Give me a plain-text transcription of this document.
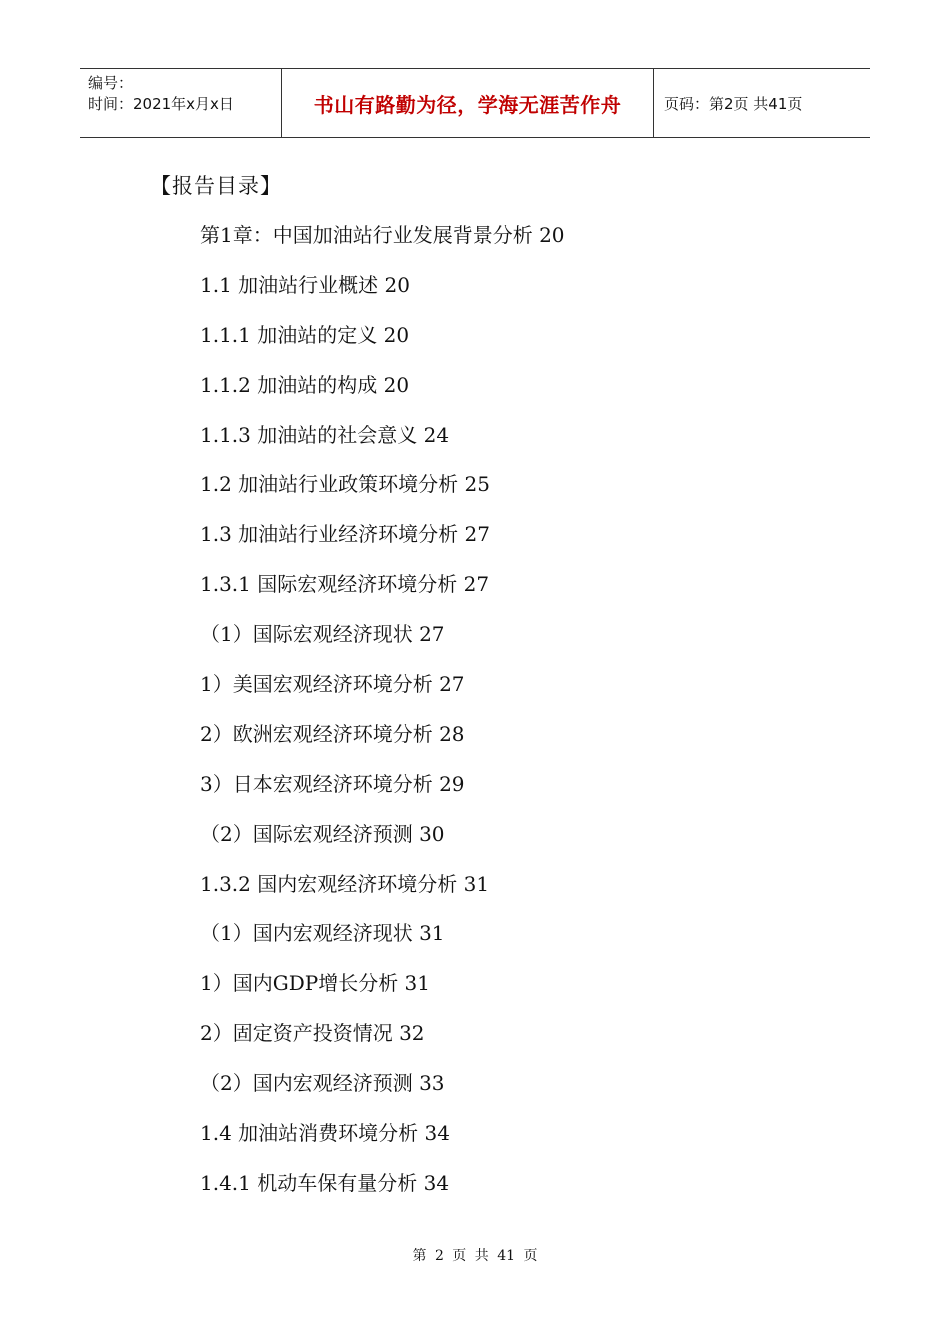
编号：
时间：2021年x月x日	书山有路勤为径，学海无涯苦作舟	页码：第2页 共41页
【报告目录】
第1章：中国加油站行业发展背景分析 20
1.1 加油站行业概述 20
1.1.1 加油站的定义 20
1.1.2 加油站的构成 20
1.1.3 加油站的社会意义 24
1.2 加油站行业政策环境分析 25
1.3 加油站行业经济环境分析 27
1.3.1 国际宏观经济环境分析 27
（1）国际宏观经济现状 27
1）美国宏观经济环境分析 27
2）欧洲宏观经济环境分析 28
3）日本宏观经济环境分析 29
（2）国际宏观经济预测 30
1.3.2 国内宏观经济环境分析 31
（1）国内宏观经济现状 31
1）国内GDP增长分析 31
2）固定资产投资情况 32
（2）国内宏观经济预测 33
1.4 加油站消费环境分析 34
1.4.1 机动车保有量分析 34
第 2 页 共 41 页
